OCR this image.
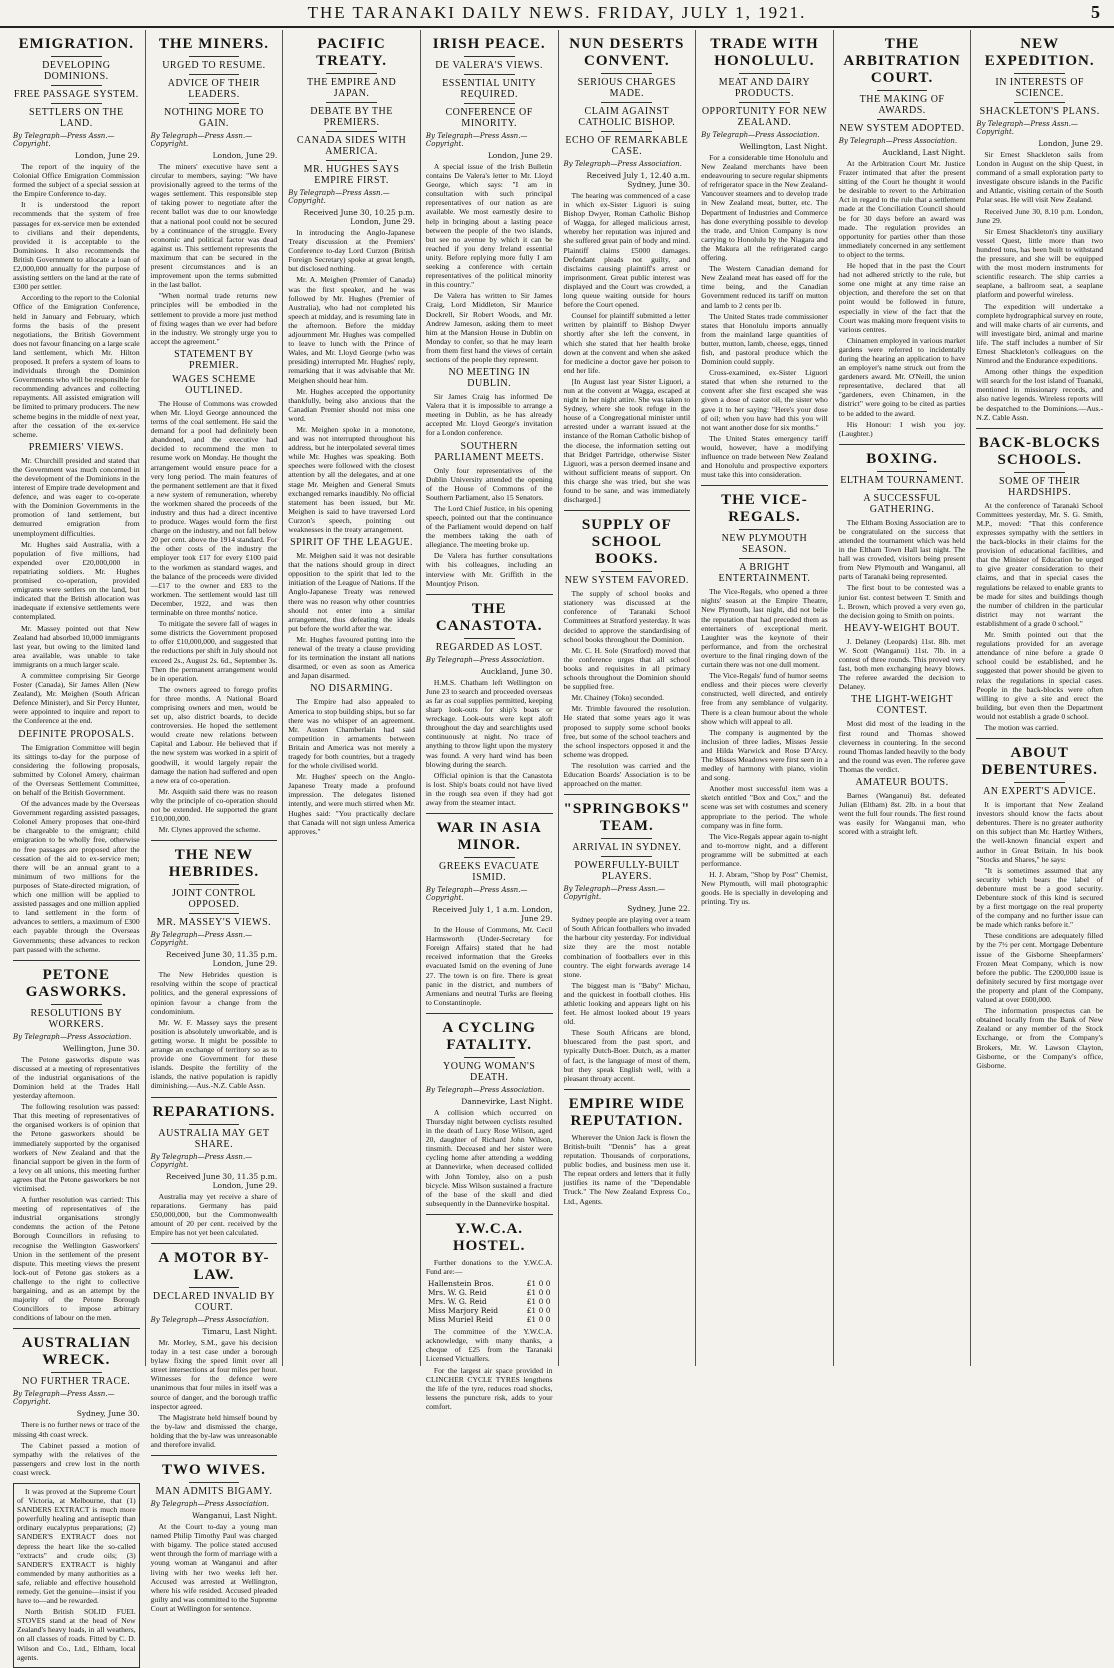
THE TARANAKI DAILY NEWS. FRIDAY, JULY 1, 1921.	5
EMIGRATION.
DEVELOPING DOMINIONS.
FREE PASSAGE SYSTEM.
SETTLERS ON THE LAND.
By Telegraph—Press Assn.—Copyright.
London, June 29.
The report of the inquiry of the Colonial Office Emigration Commission formed the subject of a special session at the Empire Conference to-day.
It is understood the report recommends that the system of free passages for ex-service men be extended to civilians and their dependents, provided it is acceptable to the Dominions. It also recommends the British Government to allocate a loan of £2,000,000 annually for the purpose of assisting settlers on the land at the rate of £300 per settler.
According to the report to the Colonial Office of the Emigration Conference, held in January and February, which forms the basis of the present negotiations, the British Government does not favour financing on a large scale land settlement, which Mr. Hilton proposed. It prefers a system of loans to individuals through the Dominion Governments who will be responsible for recommending advances and collecting repayments. All assisted emigration will be limited to primary producers. The new scheme begins in the middle of next year, after the cessation of the ex-service scheme.
PREMIERS' VIEWS.
Mr. Churchill presided and stated that the Government was much concerned in the development of the Dominions in the interest of Empire trade development and defence, and was eager to co-operate with the Dominion Governments in the promotion of land settlement, but demurred emigration from unemployment difficulties.
Mr. Hughes said Australia, with a population of five millions, had expended over £20,000,000 in repatriating soldiers. Mr. Hughes promised co-operation, provided emigrants were settlers on the land, but indicated that the British allocation was inadequate if extensive settlements were contemplated.
Mr. Massey pointed out that New Zealand had absorbed 10,000 immigrants last year, but owing to the limited land area available, was unable to take immigrants on a much larger scale.
A committee comprising Sir George Foster (Canada), Sir James Allen (New Zealand), Mr. Meighen (South African Defence Minister), and Sir Percy Hunter, were appointed to inquire and report to the Conference at the end.
DEFINITE PROPOSALS.
The Emigration Committee will begin its sittings to-day for the purpose of considering the following proposals, submitted by Colonel Amery, chairman of the Overseas Settlement Committee, on behalf of the British Government.
Of the advances made by the Overseas Government regarding assisted passages, Colonel Amery proposes that one-third be chargeable to the emigrant; child emigration to be wholly free, otherwise no free passages are proposed after the cessation of the aid to ex-service men; there will be an annual grant to a minimum of two millions for the purposes of State-directed migration, of which one million will be applied to assisted passages and one million applied to land settlement in the form of advances to settlers, a maximum of £300 each payable through the Overseas Governments; these advances to reckon part passed with the scheme.
PETONE GASWORKS.
RESOLUTIONS BY WORKERS.
By Telegraph—Press Association.
Wellington, June 30.
The Petone gasworks dispute was discussed at a meeting of representatives of the industrial organisations of the Dominion held at the Trades Hall yesterday afternoon.
The following resolution was passed: That this meeting of representatives of the organised workers is of opinion that the Petone gasworkers should be immediately supported by the organised workers of New Zealand and that the financial support be given in the form of a levy on all unions, this meeting further agrees that the Petone gasworkers be not victimised.
A further resolution was carried: This meeting of representatives of the industrial organisations strongly condemns the action of the Petone Borough Councillors in refusing to recognise the Wellington Gasworkers' Union in the settlement of the present dispute. This meeting views the present lock-out of Petone gas stokers as a challenge to the right to collective bargaining, and as an attempt by the majority of the Petone Borough Councillors to impose arbitrary conditions of labour on the men.
AUSTRALIAN WRECK.
NO FURTHER TRACE.
By Telegraph—Press Assn.—Copyright.
Sydney, June 30.
There is no further news or trace of the missing 4th coast wreck.
The Cabinet passed a motion of sympathy with the relatives of the passengers and crew lost in the north coast wreck.
It was proved at the Supreme Court of Victoria, at Melbourne, that (1) SANDERS EXTRACT is much more powerfully healing and antiseptic than ordinary eucalyptus preparations; (2) SANDER'S EXTRACT does not depress the heart like the so-called "extracts" and crude oils; (3) SANDER'S EXTRACT is highly commended by many authorities as a safe, reliable and effective household remedy. Get the genuine—insist if you have to—and be rewarded.
North British SOLID FUEL STOVES stand at the head of New Zealand's heavy loads, in all weathers, on all classes of roads. Fitted by C. D. Wilson and Co., Ltd., Eltham, local agents.
THE MINERS.
URGED TO RESUME.
ADVICE OF THEIR LEADERS.
NOTHING MORE TO GAIN.
By Telegraph—Press Assn.—Copyright.
London, June 29.
The miners' executive have sent a circular to members, saying: "We have provisionally agreed to the terms of the wages settlement. This responsible step of taking power to negotiate after the recent ballot was due to our knowledge that a national pool could not be secured by a continuance of the struggle. Every economic and political factor was dead against us. This settlement represents the maximum that can be secured in the present circumstances and is an improvement upon the terms submitted in the last ballot.
"When normal trade returns new principles will be embodied in the settlement to provide a more just method of fixing wages than we ever had before in the industry. We strongly urge you to accept the agreement."
STATEMENT BY PREMIER.
WAGES SCHEME OUTLINED.
The House of Commons was crowded when Mr. Lloyd George announced the terms of the coal settlement. He said the demand for a pool had definitely been abandoned, and the executive had decided to recommend the men to resume work on Monday. He thought the arrangement would ensure peace for a very long period. The main features of the permanent settlement are that it fixed a new system of remuneration, whereby the workmen shared the proceeds of the industry and thus had a direct incentive to produce. Wages would form the first charge on the industry, and not fall below 20 per cent. above the 1914 standard. For the other costs of the industry the employer took £17 for every £100 paid to the workmen as standard wages, and the balance of the proceeds were divided—£17 to the owner and £83 to the workmen. The settlement would last till December, 1922, and was then terminable on three months' notice.
To mitigate the severe fall of wages in some districts the Government proposed to offer £10,000,000, and suggested that the reductions per shift in July should not exceed 2s., August 2s. 6d., September 3s. Then the permanent arrangement would be in operation.
The owners agreed to forego profits for three months. A National Board comprising owners and men, would be set up, also district boards, to decide controversies. He hoped the settlement would create new relations between Capital and Labour. He believed that if the new system was worked in a spirit of goodwill, it would largely repair the damage the nation had suffered and open a new era of co-operation.
Mr. Asquith said there was no reason why the principle of co-operation should not be extended. He supported the grant £10,000,000.
Mr. Clynes approved the scheme.
THE NEW HEBRIDES.
JOINT CONTROL OPPOSED.
MR. MASSEY'S VIEWS.
By Telegraph—Press Assn.—Copyright.
Received June 30, 11.35 p.m. London, June 29.
The New Hebrides question is resolving within the scope of practical politics, and the general expressions of opinion favour a change from the condominium.
Mr. W. F. Massey says the present position is absolutely unworkable, and is getting worse. It might be possible to arrange an exchange of territory so as to provide one Government for these islands. Despite the fertility of the islands, the native population is rapidly diminishing.—Aus.-N.Z. Cable Assn.
REPARATIONS.
AUSTRALIA MAY GET SHARE.
By Telegraph—Press Assn.—Copyright.
Received June 30, 11.35 p.m. London, June 29.
Australia may yet receive a share of reparations. Germany has paid £50,000,000, but the Commonwealth amount of 20 per cent. received by the Empire has not yet been calculated.
A MOTOR BY-LAW.
DECLARED INVALID BY COURT.
By Telegraph—Press Association.
Timaru, Last Night.
Mr. Morley, S.M., gave his decision today in a test case under a borough bylaw fixing the speed limit over all street intersections at four miles per hour. Witnesses for the defence were unanimous that four miles in itself was a source of danger, and the borough traffic inspector agreed.
The Magistrate held himself bound by the by-law and dismissed the charge, holding that the by-law was unreasonable and therefore invalid.
TWO WIVES.
MAN ADMITS BIGAMY.
By Telegraph—Press Association.
Wanganui, Last Night.
At the Court to-day a young man named Philip Timothy Paul was charged with bigamy. The police stated accused went through the form of marriage with a young woman at Wanganui and after living with her two weeks left her. Accused was arrested at Wellington, where his wife resided. Accused pleaded guilty and was committed to the Supreme Court at Wellington for sentence.
PACIFIC TREATY.
THE EMPIRE AND JAPAN.
DEBATE BY THE PREMIERS.
CANADA SIDES WITH AMERICA.
MR. HUGHES SAYS EMPIRE FIRST.
By Telegraph—Press Assn.—Copyright.
Received June 30, 10.25 p.m. London, June 29.
In introducing the Anglo-Japanese Treaty discussion at the Premiers' Conference to-day Lord Curzon (British Foreign Secretary) spoke at great length, but disclosed nothing.
Mr. A. Meighen (Premier of Canada) was the first speaker, and he was followed by Mr. Hughes (Premier of Australia), who had not completed his speech at midday, and is resuming late in the afternoon. Before the midday adjournment Mr. Hughes was compelled to leave to lunch with the Prince of Wales, and Mr. Lloyd George (who was presiding) interrupted Mr. Hughes' reply, remarking that it was advisable that Mr. Meighen should hear him.
Mr. Hughes accepted the opportunity thankfully, being also anxious that the Canadian Premier should not miss one word.
Mr. Meighen spoke in a monotone, and was not interrupted throughout his address, but he interpolated several times while Mr. Hughes was speaking. Both speeches were followed with the closest attention by all the delegates, and at one stage Mr. Meighen and General Smuts exchanged remarks inaudibly. No official statement has been issued, but Mr. Meighen is said to have traversed Lord Curzon's speech, pointing out weaknesses in the treaty arrangement.
SPIRIT OF THE LEAGUE.
Mr. Meighen said it was not desirable that the nations should group in direct opposition to the spirit that led to the initiation of the League of Nations. If the Anglo-Japanese Treaty was renewed there was no reason why other countries should not enter into a similar arrangement, thus defeating the ideals put before the world after the war.
Mr. Hughes favoured putting into the renewal of the treaty a clause providing for its termination the instant all nations disarmed, or even as soon as America and Japan disarmed.
NO DISARMING.
The Empire had also appealed to America to stop building ships, but so far there was no whisper of an agreement. Mr. Austen Chamberlain had said competition in armaments between Britain and America was not merely a tragedy for both countries, but a tragedy for the whole civilised world.
Mr. Hughes' speech on the Anglo-Japanese Treaty made a profound impression. The delegates listened intently, and were much stirred when Mr. Hughes said: "You practically declare that Canada will not sign unless America approves."
IRISH PEACE.
DE VALERA'S VIEWS.
ESSENTIAL UNITY REQUIRED.
CONFERENCE OF MINORITY.
By Telegraph—Press Assn.—Copyright.
London, June 29.
A special issue of the Irish Bulletin contains De Valera's letter to Mr. Lloyd George, which says: "I am in consultation with such principal representatives of our nation as are available. We most earnestly desire to help in bringing about a lasting peace between the people of the two islands, but see no avenue by which it can be reached if you deny Ireland essential unity. Before replying more fully I am seeking a conference with certain representatives of the political minority in this country."
De Valera has written to Sir James Craig, Lord Middleton, Sir Maurice Dockrell, Sir Robert Woods, and Mr. Andrew Jameson, asking them to meet him at the Mansion House in Dublin on Monday to confer, so that he may learn from them first hand the views of certain sections of the people they represent.
NO MEETING IN DUBLIN.
Sir James Craig has informed De Valera that it is impossible to arrange a meeting in Dublin, as he has already accepted Mr. Lloyd George's invitation for a London conference.
SOUTHERN PARLIAMENT MEETS.
Only four representatives of the Dublin University attended the opening of the House of Commons of the Southern Parliament, also 15 Senators.
The Lord Chief Justice, in his opening speech, pointed out that the continuance of the Parliament would depend on half the members taking the oath of allegiance. The meeting broke up.
De Valera has further consultations with his colleagues, including an interview with Mr. Griffith in the Mountjoy Prison.
THE CANASTOTA.
REGARDED AS LOST.
By Telegraph—Press Association.
Auckland, June 30.
H.M.S. Chatham left Wellington on June 23 to search and proceeded overseas as far as coal supplies permitted, keeping sharp look-outs for ship's boats or wreckage. Look-outs were kept aloft throughout the day and searchlights used continuously at night. No trace of anything to throw light upon the mystery was found. A very hard wind has been blowing during the search.
Official opinion is that the Canastota is lost. Ship's boats could not have lived in the rough sea even if they had got away from the steamer intact.
WAR IN ASIA MINOR.
GREEKS EVACUATE ISMID.
By Telegraph—Press Assn.—Copyright.
Received July 1, 1 a.m. London, June 29.
In the House of Commons, Mr. Cecil Harmsworth (Under-Secretary for Foreign Affairs) stated that he had received information that the Greeks evacuated Ismid on the evening of June 27. The town is on fire. There is great panic in the district, and numbers of Armenians and neutral Turks are fleeing to Constantinople.
A CYCLING FATALITY.
YOUNG WOMAN'S DEATH.
By Telegraph—Press Association.
Dannevirke, Last Night.
A collision which occurred on Thursday night between cyclists resulted in the death of Lucy Rose Wilson, aged 20, daughter of Richard John Wilson, tinsmith. Deceased and her sister were cycling home after attending a wedding at Dannevirke, when deceased collided with John Tomley, also on a push bicycle. Miss Wilson sustained a fracture of the base of the skull and died subsequently in the Dannevirke hospital.
Y.W.C.A. HOSTEL.
Further donations to the Y.W.C.A. Fund are:—
Hallenstein Bros.	£1 0 0
Mrs. W. G. Reid	£1 0 0
Mrs. W. G. Reid	£1 0 0
Miss Marjory Reid	£1 0 0
Miss Muriel Reid	£1 0 0
The committee of the Y.W.C.A. acknowledge, with many thanks, a cheque of £25 from the Taranaki Licensed Victuallers.
For the largest air space provided in CLINCHER CYCLE TYRES lengthens the life of the tyre, reduces road shocks, lessens the puncture risk, adds to your comfort.
NUN DESERTS CONVENT.
SERIOUS CHARGES MADE.
CLAIM AGAINST CATHOLIC BISHOP.
ECHO OF REMARKABLE CASE.
By Telegraph—Press Association.
Received July 1, 12.40 a.m. Sydney, June 30.
The hearing was commenced of a case in which ex-Sister Liguori is suing Bishop Dwyer, Roman Catholic Bishop of Wagga, for alleged malicious arrest, whereby her reputation was injured and she suffered great pain of body and mind. Plaintiff claims £5000 damages. Defendant pleads not guilty, and disclaims causing plaintiff's arrest or imprisonment. Great public interest was displayed and the Court was crowded, a long queue waiting outside for hours before the Court opened.
Counsel for plaintiff submitted a letter written by plaintiff to Bishop Dwyer shortly after she left the convent, in which she stated that her health broke down at the convent and when she asked for medicine a doctor gave her poison to end her life.
[In August last year Sister Liguori, a nun at the convent at Wagga, escaped at night in her night attire. She was taken to Sydney, where she took refuge in the house of a Congregational minister until arrested under a warrant issued at the instance of the Roman Catholic bishop of the diocese, the information setting out that Bridget Partridge, otherwise Sister Liguori, was a person deemed insane and without sufficient means of support. On this charge she was tried, but she was found to be sane, and was immediately discharged.]
SUPPLY OF SCHOOL BOOKS.
NEW SYSTEM FAVORED.
The supply of school books and stationery was discussed at the conference of Taranaki School Committees at Stratford yesterday. It was decided to approve the standardising of school books throughout the Dominion.
Mr. C. H. Sole (Stratford) moved that the conference urges that all school books and requisites in all primary schools throughout the Dominion should be supplied free.
Mr. Chainey (Toko) seconded.
Mr. Trimble favoured the resolution. He stated that some years ago it was proposed to supply some school books free, but some of the school teachers and the school inspectors opposed it and the scheme was dropped.
The resolution was carried and the Education Boards' Association is to be approached on the matter.
"SPRINGBOKS" TEAM.
ARRIVAL IN SYDNEY.
POWERFULLY-BUILT PLAYERS.
By Telegraph—Press Assn.—Copyright.
Sydney, June 22.
Sydney people are playing over a team of South African footballers who invaded the harbour city yesterday. For individual size they are the most notable combination of footballers ever in this country. The eight forwards average 14 stone.
The biggest man is "Baby" Michau, and the quickest in football clothes. His athletic looking and appears light on his feet. He almost looked about 19 years old.
These South Africans are blond, bluescared from the past sport, and typically Dutch-Boer. Dutch, as a matter of fact, is the language of most of them, but they speak English well, with a pleasant throaty accent.
EMPIRE WIDE REPUTATION.
Wherever the Union Jack is flown the British-built "Dennis" has a great reputation. Thousands of corporations, public bodies, and business men use it. The repeat orders and letters that it fully justifies its name of the "Dependable Truck." The New Zealand Express Co., Ltd., Agents.
TRADE WITH HONOLULU.
MEAT AND DAIRY PRODUCTS.
OPPORTUNITY FOR NEW ZEALAND.
By Telegraph—Press Association.
Wellington, Last Night.
For a considerable time Honolulu and New Zealand merchants have been endeavouring to secure regular shipments of refrigerator space in the New Zealand-Vancouver steamers and to develop trade in New Zealand meat, butter, etc. The Department of Industries and Commerce has done everything possible to develop the trade, and Union Company is now carrying to Honolulu by the Niagara and the Makura all the refrigerated cargo offering.
The Western Canadian demand for New Zealand meat has eased off for the time being, and the Canadian Government reduced its tariff on mutton and lamb to 2 cents per lb.
The United States trade commissioner states that Honolulu imports annually from the mainland large quantities of butter, mutton, lamb, cheese, eggs, tinned fish, and pastoral produce which the Dominion could supply.
Cross-examined, ex-Sister Liguori stated that when she returned to the convent after she first escaped she was given a dose of castor oil, the sister who gave it to her saying: "Here's your dose of oil; when you have had this you will not want another dose for six months."
The United States emergency tariff would, however, have a modifying influence on trade between New Zealand and Honolulu and prospective exporters must take this into consideration.
THE VICE-REGALS.
NEW PLYMOUTH SEASON.
A BRIGHT ENTERTAINMENT.
The Vice-Regals, who opened a three nights' season at the Empire Theatre, New Plymouth, last night, did not belie the reputation that had preceded them as entertainers of exceptional merit. Laughter was the keynote of their performance, and from the orchestral overture to the final ringing down of the curtain there was not one dull moment.
The Vice-Regals' fund of humor seems endless and their pieces were cleverly constructed, well directed, and entirely free from any semblance of vulgarity. There is a clean humour about the whole show which will appeal to all.
The company is augmented by the inclusion of three ladies, Misses Jessie and Hilda Warwick and Rose D'Arcy. The Misses Meadows were first seen in a medley of harmony with piano, violin and song.
Another most successful item was a sketch entitled "Box and Cox," and the scene was set with costumes and scenery appropriate to the period. The whole company was in fine form.
The Vice-Regals appear again to-night and to-morrow night, and a different programme will be submitted at each performance.
H. J. Abram, "Shop by Post" Chemist, New Plymouth, will mail photographic goods. He is specially in developing and printing. Try us.
THE ARBITRATION COURT.
THE MAKING OF AWARDS.
NEW SYSTEM ADOPTED.
By Telegraph—Press Association.
Auckland, Last Night.
At the Arbitration Court Mr. Justice Frazer intimated that after the present sitting of the Court he thought it would be desirable to revert to the Arbitration Act in regard to the rule that a settlement made at the Conciliation Council should be for 30 days before an award was made. The regulation provides an opportunity for parties other than those immediately concerned in any settlement to object to the terms.
He hoped that in the past the Court had not adhered strictly to the rule, but some one might at any time raise an objection, and therefore the set on that point would be followed in future, especially in view of the fact that the Court was making more frequent visits to various centres.
Chinamen employed in various market gardens were referred to incidentally during the hearing an application to have an employer's name struck out from the gardeners award. Mr. O'Neill, the union representative, declared that all "gardeners, even Chinamen, in the district" were going to be cited as parties to be added to the award.
His Honour: I wish you joy. (Laughter.)
BOXING.
ELTHAM TOURNAMENT.
A SUCCESSFUL GATHERING.
The Eltham Boxing Association are to be congratulated on the success that attended the tournament which was held in the Eltham Town Hall last night. The hall was crowded, visitors being present from New Plymouth and Wanganui, all parts of Taranaki being represented.
The first bout to be contested was a junior 6st. contest between T. Smith and L. Brown, which proved a very even go, the decision going to Smith on points.
HEAVY-WEIGHT BOUT.
J. Delaney (Leopards) 11st. 8lb. met W. Scott (Wanganui) 11st. 7lb. in a contest of three rounds. This proved very fast, both men exchanging heavy blows. The referee awarded the decision to Delaney.
THE LIGHT-WEIGHT CONTEST.
Most did most of the leading in the first round and Thomas showed cleverness in countering. In the second round Thomas landed heavily to the body and the round was even. The referee gave Thomas the verdict.
AMATEUR BOUTS.
Barnes (Wanganui) 8st. defeated Julian (Eltham) 8st. 2lb. in a bout that went the full four rounds. The first round was easily for Wanganui man, who scored with a straight left.
NEW EXPEDITION.
IN INTERESTS OF SCIENCE.
SHACKLETON'S PLANS.
By Telegraph—Press Assn.—Copyright.
London, June 29.
Sir Ernest Shackleton sails from London in August on the ship Quest, in command of a small exploration party to investigate obscure islands in the Pacific and Atlantic, visiting certain of the South Polar seas. He will visit New Zealand.
Received June 30, 8.10 p.m. London, June 29.
Sir Ernest Shackleton's tiny auxiliary vessel Quest, little more than two hundred tons, has been built to withstand the pressure, and she will be equipped with the most modern instruments for scientific research. The ship carries a seaplane, a ballroom seat, a seaplane platform and powerful wireless.
The expedition will undertake a complete hydrographical survey en route, and will make charts of air currents, and will investigate bird, animal and marine life. The staff includes a number of Sir Ernest Shackleton's colleagues on the Nimrod and the Endurance expeditions.
Among other things the expedition will search for the lost island of Tuanaki, mentioned in missionary records, and also native legends. Wireless reports will be despatched to the Dominions.—Aus.-N.Z. Cable Assn.
BACK-BLOCKS SCHOOLS.
SOME OF THEIR HARDSHIPS.
At the conference of Taranaki School Committees yesterday, Mr. S. G. Smith, M.P., moved: "That this conference expresses sympathy with the settlers in the back-blocks in their claims for the provision of educational facilities, and that the Minister of Education be urged to give greater consideration to their claims, and that in special cases the regulations be relaxed to enable grants to be made for sites and buildings though the number of children in the particular district may not warrant the establishment of a grade 0 school."
Mr. Smith pointed out that the regulations provided for an average attendance of nine before a grade 0 school could be established, and he suggested that power should be given to relax the regulations in special cases. People in the back-blocks were often willing to give a site and erect the building, but even then the Department would not establish a grade 0 school.
The motion was carried.
ABOUT DEBENTURES.
AN EXPERT'S ADVICE.
It is important that New Zealand investors should know the facts about debentures. There is no greater authority on this subject than Mr. Hartley Withers, the well-known financial expert and author in Great Britain. In his book "Stocks and Shares," he says:
"It is sometimes assumed that any security which bears the label of debenture must be a good security. Debenture stock of this kind is secured by a first mortgage on the real property of the company and no further issue can be made which ranks before it."
These conditions are adequately filled by the 7½ per cent. Mortgage Debenture issue of the Gisborne Sheepfarmers' Frozen Meat Company, which is now before the public. The £200,000 issue is definitely secured by first mortgage over the property and plant of the Company, valued at over £600,000.
The information prospectus can be obtained locally from the Bank of New Zealand or any member of the Stock Exchange, or from the Company's Brokers, Mr. W. Lawson Clayton, Gisborne, or the Company's office, Gisborne.
